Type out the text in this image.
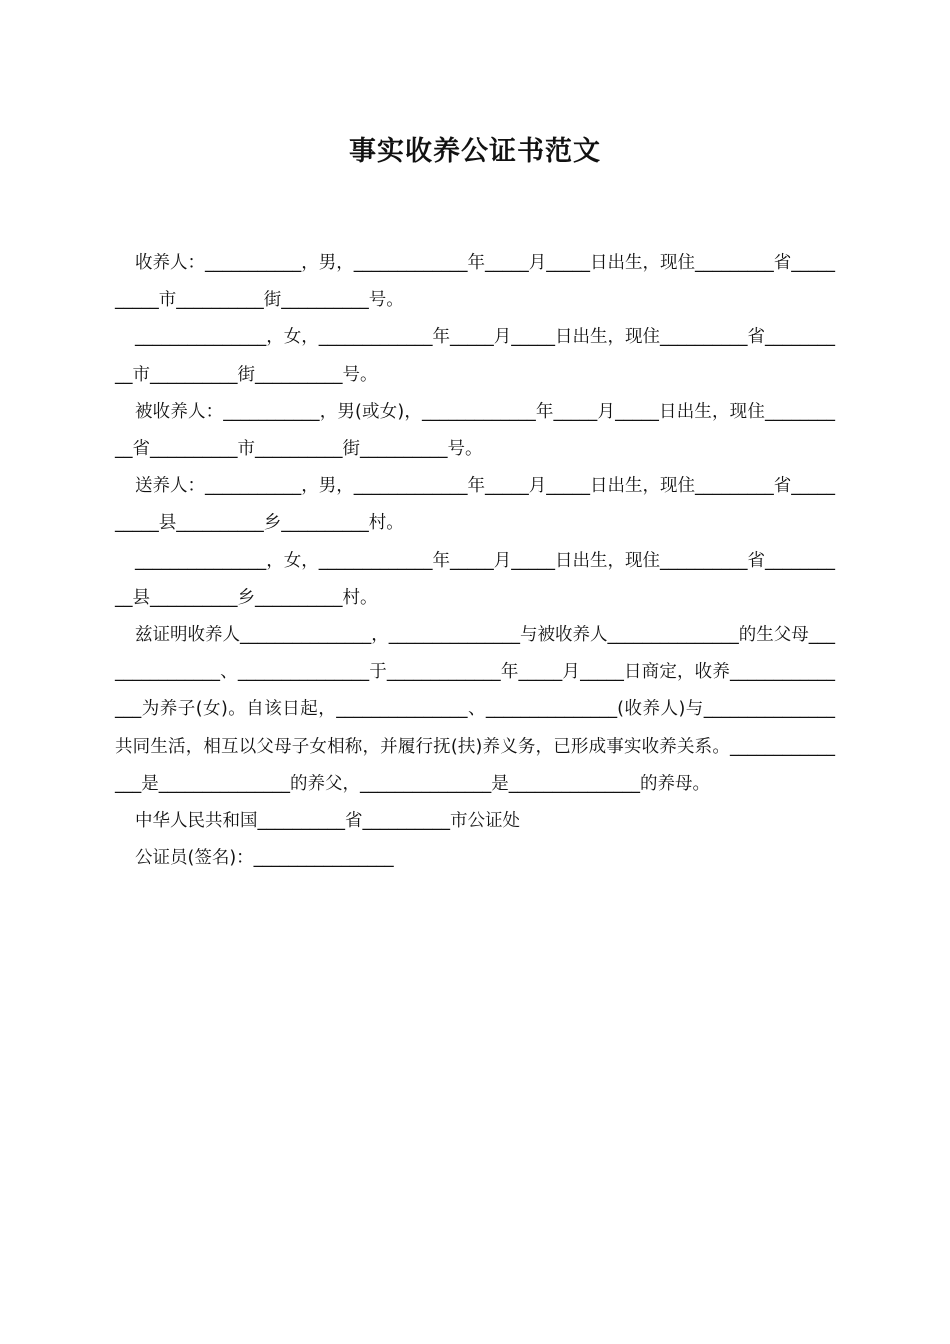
事实收养公证书范文

收养人：___________，男，_____________年_____月_____日出生，现住_________省__________市__________街__________号。

_______________，女，_____________年_____月_____日出生，现住__________省__________市__________街__________号。

被收养人：___________，男(或女)，_____________年_____月_____日出生，现住__________省__________市__________街__________号。

送养人：___________，男，_____________年_____月_____日出生，现住_________省__________县__________乡__________村。

_______________，女，_____________年_____月_____日出生，现住__________省__________县__________乡__________村。

兹证明收养人_______________，_______________与被收养人_______________的生父母_______________、_______________于_____________年_____月_____日商定，收养_______________为养子(女)。自该日起，_______________、_______________(收养人)与_______________共同生活，相互以父母子女相称，并履行抚(扶)养义务，已形成事实收养关系。_______________是_______________的养父，_______________是_______________的养母。

中华人民共和国__________省__________市公证处

公证员(签名)：________________
